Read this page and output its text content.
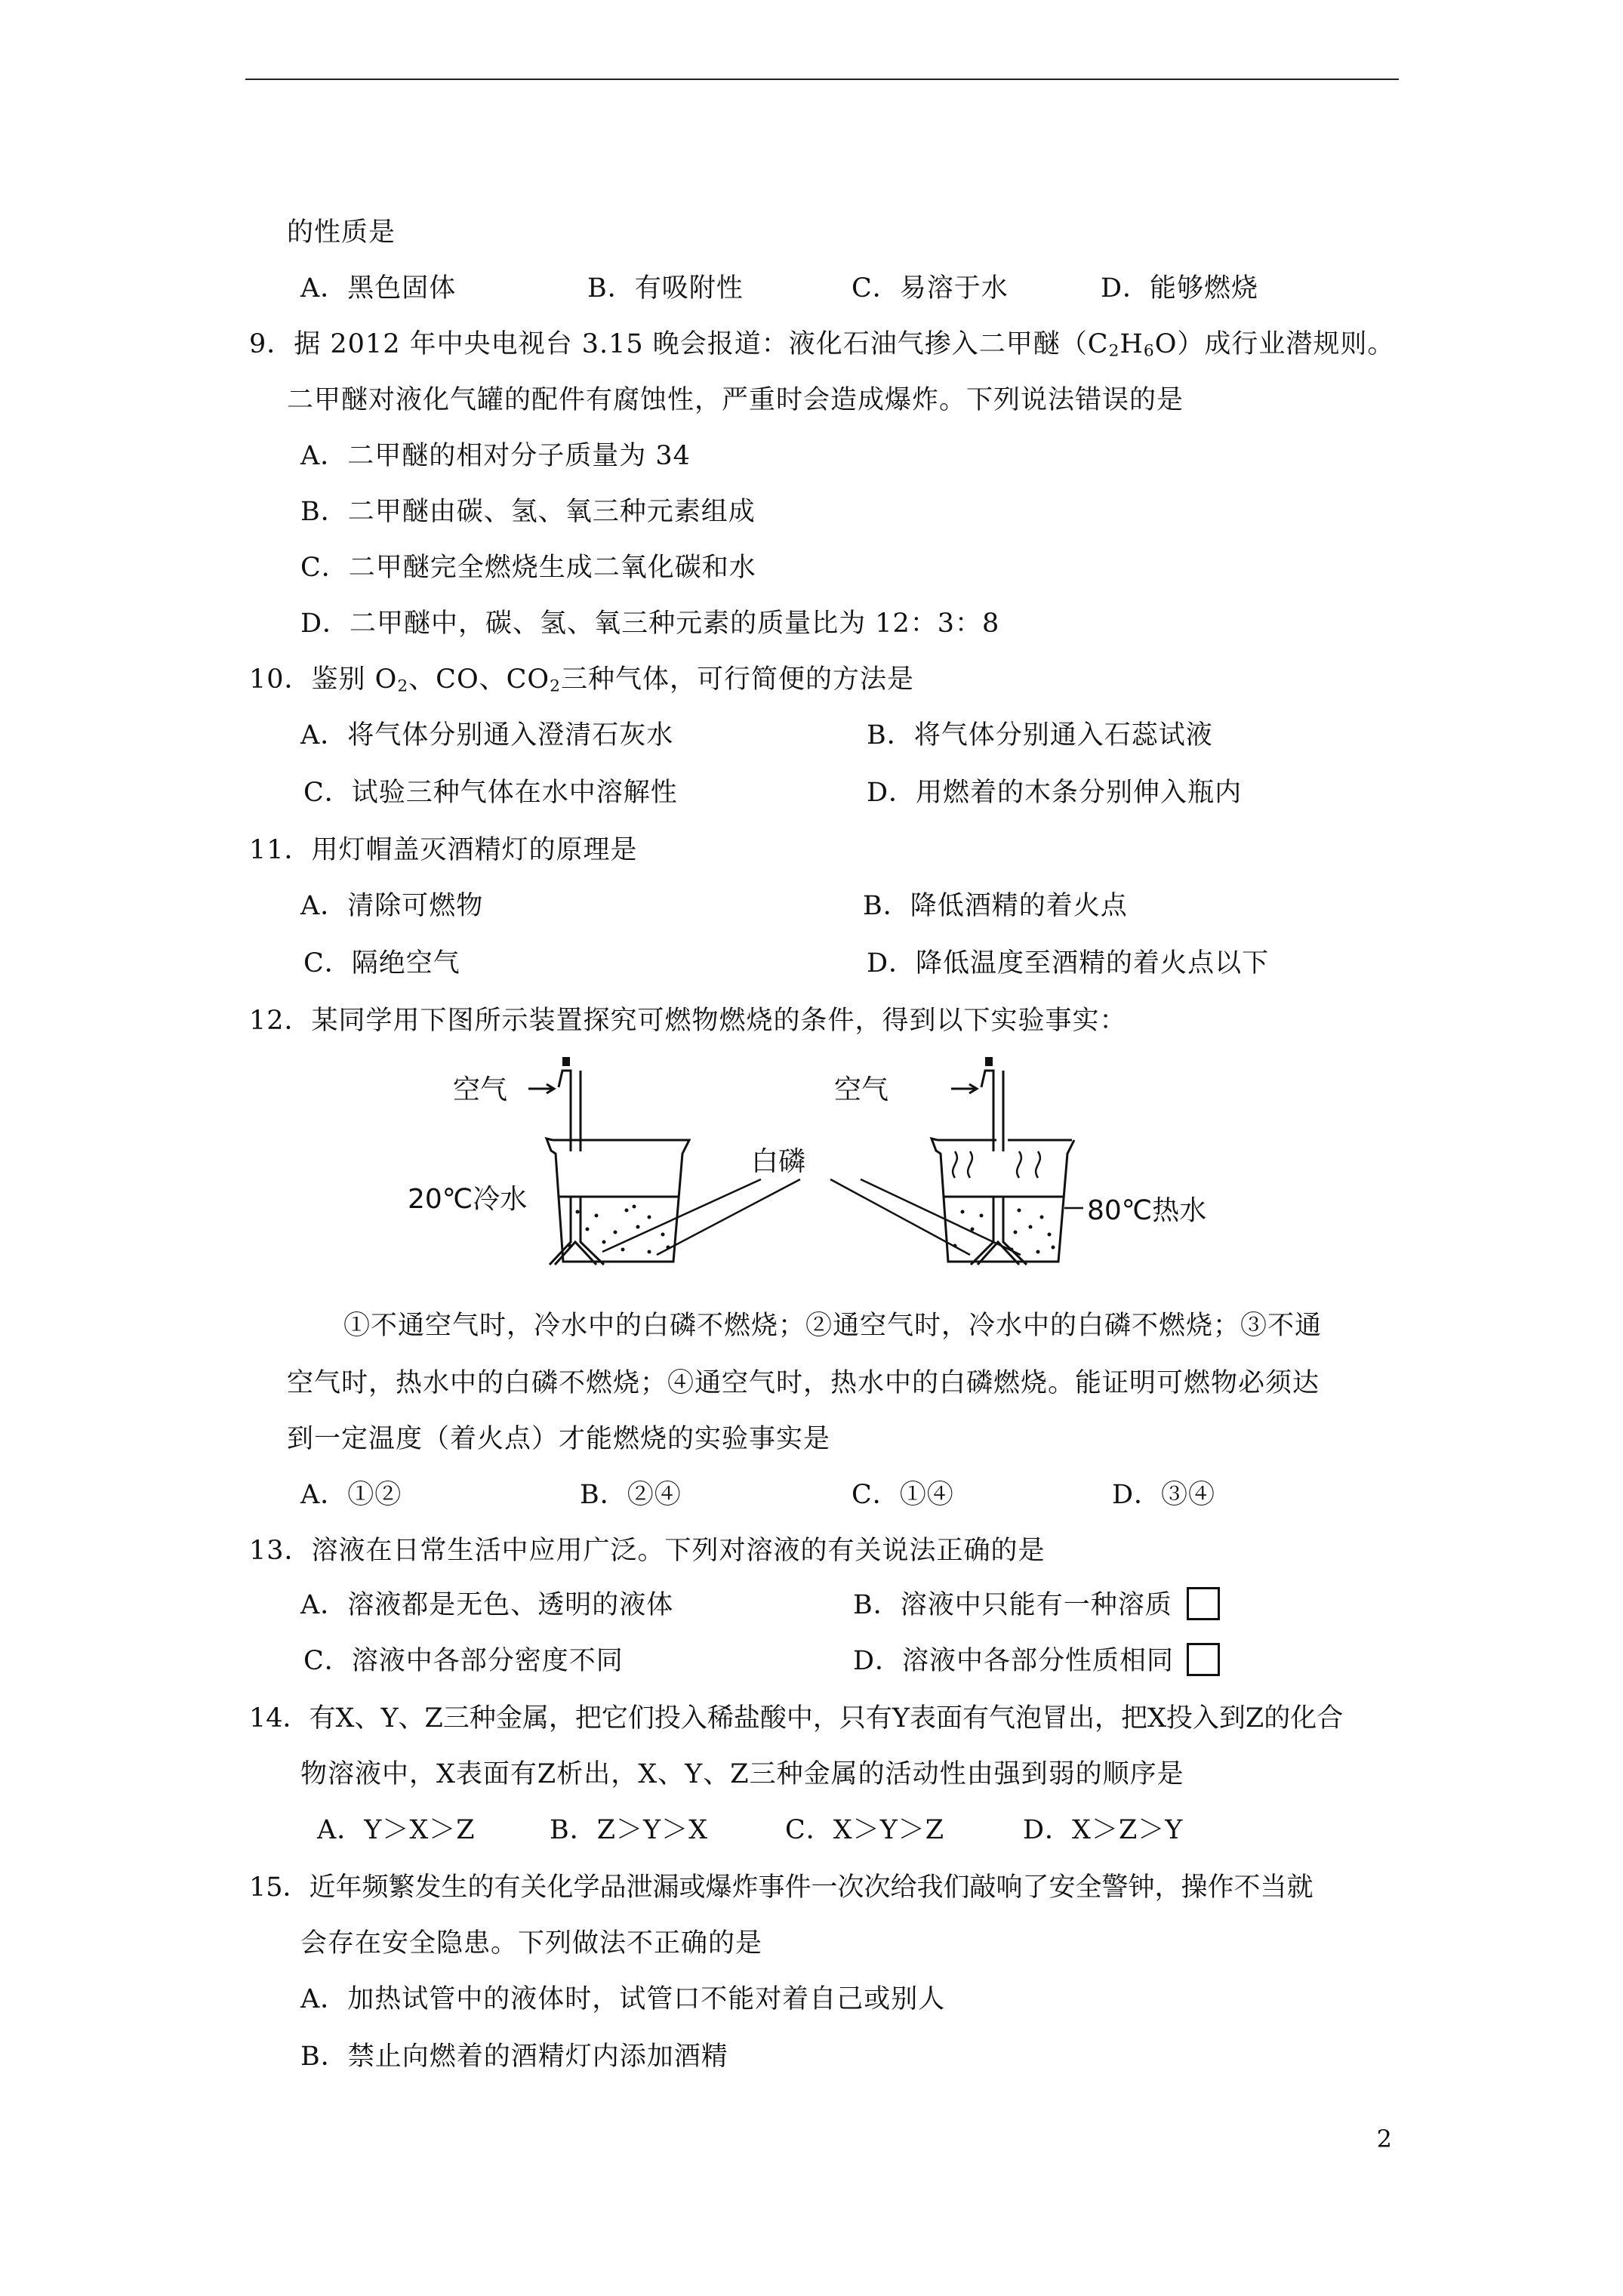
的性质是
A．黑色固体	B．有吸附性	C．易溶于水	D．能够燃烧
9．据 2012 年中央电视台 3.15 晚会报道：液化石油气掺入二甲醚$(C_2H_6O)$成行业潜规则。
二甲醚对液化气罐的配件有腐蚀性，严重时会造成爆炸。下列说法错误的是
A．二甲醚的相对分子质量为 34
B．二甲醚由碳、氢、氧三种元素组成
C．二甲醚完全燃烧生成二氧化碳和水
D．二甲醚中，碳、氢、氧三种元素的质量比为 12：3：8
10．鉴别 $O_2$、CO、$CO_2$三种气体，可行简便的方法是
A．将气体分别通入澄清石灰水	B．将气体分别通入石蕊试液
C．试验三种气体在水中溶解性	D．用燃着的木条分别伸入瓶内
11．用灯帽盖灭酒精灯的原理是
A．清除可燃物	B．降低酒精的着火点
C．隔绝空气	D．降低温度至酒精的着火点以下
12．某同学用下图所示装置探究可燃物燃烧的条件，得到以下实验事实：
空气
20℃冷水
白磷
空气
80℃热水
①不通空气时，冷水中的白磷不燃烧；②通空气时，冷水中的白磷不燃烧；③不通
空气时，热水中的白磷不燃烧；④通空气时，热水中的白磷燃烧。能证明可燃物必须达
到一定温度（着火点）才能燃烧的实验事实是
A．①②	B．②④	C．①④	D．③④
13．溶液在日常生活中应用广泛。下列对溶液的有关说法正确的是
A．溶液都是无色、透明的液体	B．溶液中只能有一种溶质
C．溶液中各部分密度不同	D．溶液中各部分性质相同
14．有X、Y、Z三种金属，把它们投入稀盐酸中，只有Y表面有气泡冒出，把X投入到Z的化合
物溶液中，X表面有Z析出，X、Y、Z三种金属的活动性由强到弱的顺序是
A．Y＞X＞Z	B．Z＞Y＞X	C．X＞Y＞Z	D．X＞Z＞Y
15．近年频繁发生的有关化学品泄漏或爆炸事件一次次给我们敲响了安全警钟，操作不当就
会存在安全隐患。下列做法不正确的是
A．加热试管中的液体时，试管口不能对着自己或别人
B．禁止向燃着的酒精灯内添加酒精
2
